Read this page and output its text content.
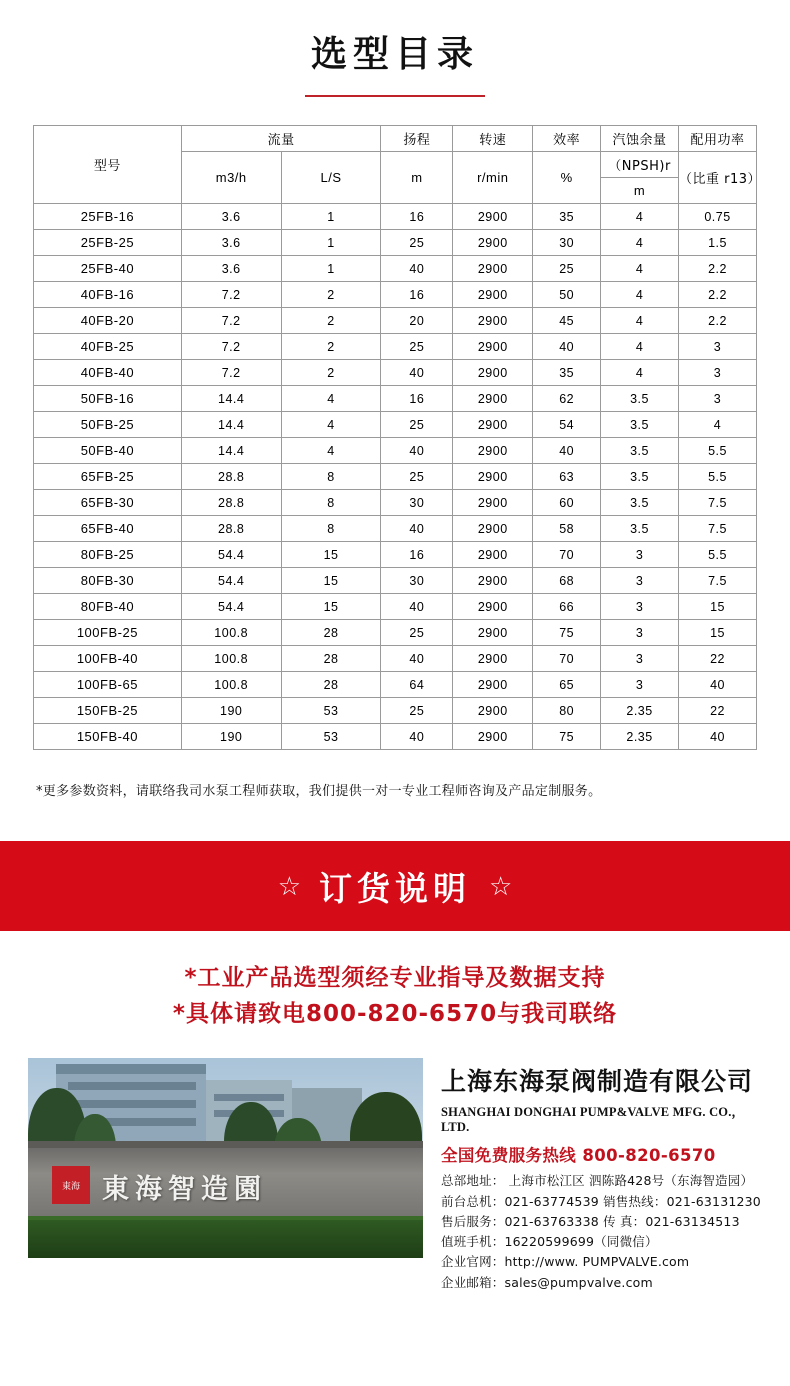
选型目录
型号	流量		扬程	转速	效率	汽蚀余量	配用功率
	m3/h	L/S	m	r/min	%	（NPSH)r	（比重 r13）
						m	
25FB-16	3.6	1	16	2900	35	4	0.75
25FB-25	3.6	1	25	2900	30	4	1.5
25FB-40	3.6	1	40	2900	25	4	2.2
40FB-16	7.2	2	16	2900	50	4	2.2
40FB-20	7.2	2	20	2900	45	4	2.2
40FB-25	7.2	2	25	2900	40	4	3
40FB-40	7.2	2	40	2900	35	4	3
50FB-16	14.4	4	16	2900	62	3.5	3
50FB-25	14.4	4	25	2900	54	3.5	4
50FB-40	14.4	4	40	2900	40	3.5	5.5
65FB-25	28.8	8	25	2900	63	3.5	5.5
65FB-30	28.8	8	30	2900	60	3.5	7.5
65FB-40	28.8	8	40	2900	58	3.5	7.5
80FB-25	54.4	15	16	2900	70	3	5.5
80FB-30	54.4	15	30	2900	68	3	7.5
80FB-40	54.4	15	40	2900	66	3	15
100FB-25	100.8	28	25	2900	75	3	15
100FB-40	100.8	28	40	2900	70	3	22
100FB-65	100.8	28	64	2900	65	3	40
150FB-25	190	53	25	2900	80	2.35	22
150FB-40	190	53	40	2900	75	2.35	40
*更多参数资料，请联络我司水泵工程师获取，我们提供一对一专业工程师咨询及产品定制服务。
☆ 订货说明 ☆
*工业产品选型须经专业指导及数据支持
*具体请致电800-820-6570与我司联络
東海 東海智造園
上海东海泵阀制造有限公司
SHANGHAI DONGHAI PUMP&VALVE MFG. CO.，LTD.
全国免费服务热线 800-820-6570
总部地址： 上海市松江区 泗陈路428号（东海智造园）
前台总机：021-63774539 销售热线：021-63131230
售后服务：021-63763338 传 真：021-63134513
值班手机：16220599699（同微信）
企业官网：http://www. PUMPVALVE.com
企业邮箱：sales@pumpvalve.com
